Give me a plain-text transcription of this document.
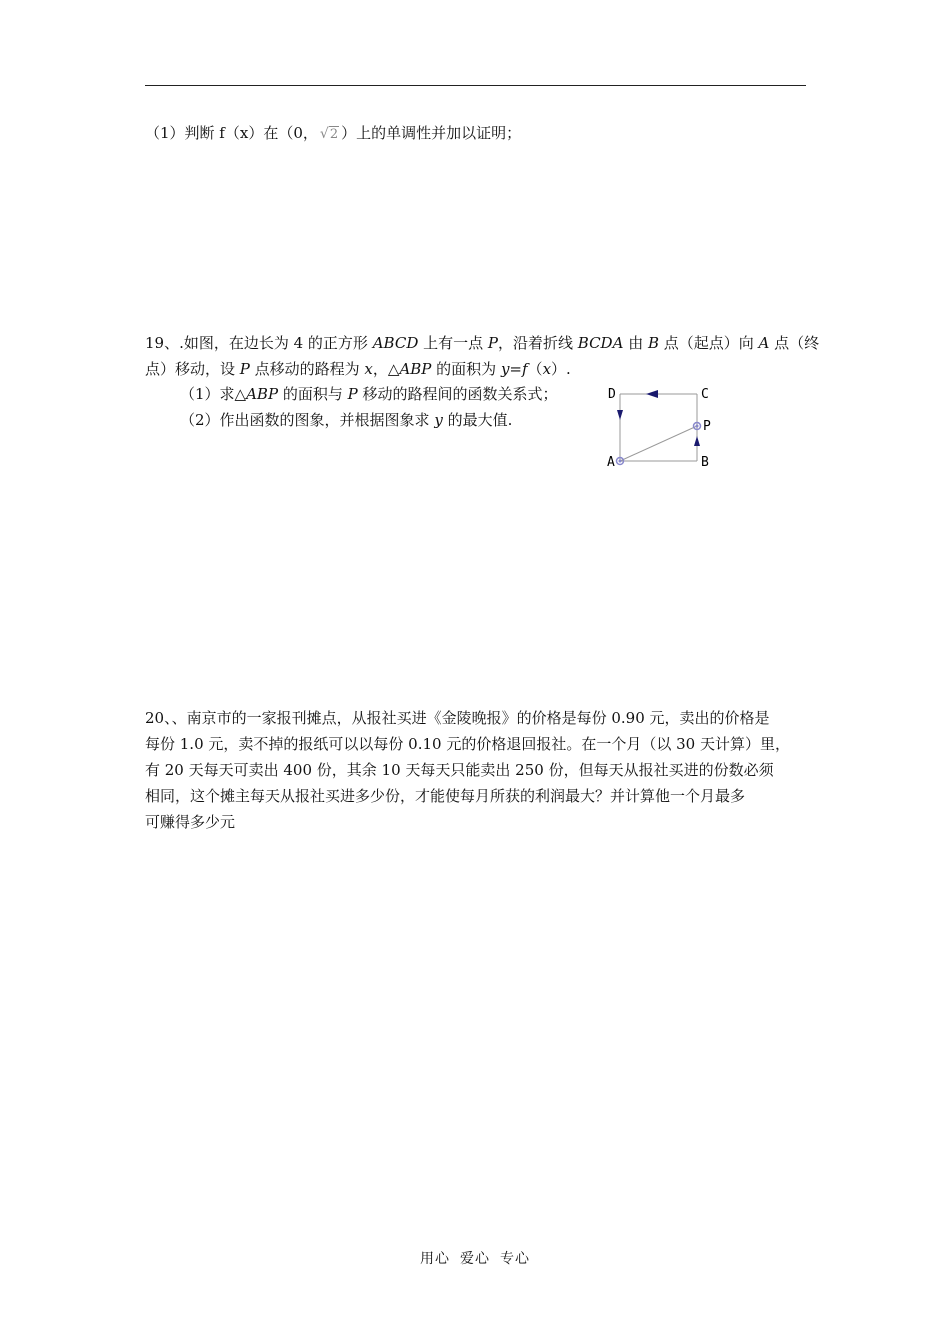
（1）判断 f（x）在（0， √ 2 ）上的单调性并加以证明；
19、.如图，在边长为 4 的正方形 ABCD 上有一点 P，沿着折线 BCDA 由 B 点（起点）向 A 点（终
点）移动，设 P 点移动的路程为 x，△ABP 的面积为 y=f（x）.
（1）求△ABP 的面积与 P 移动的路程间的函数关系式；
（2）作出函数的图象，并根据图象求 y 的最大值.
D	C
P
A	B
20、、南京市的一家报刊摊点，从报社买进《金陵晚报》的价格是每份 0.90 元，卖出的价格是
每份 1.0 元，卖不掉的报纸可以以每份 0.10 元的价格退回报社。在一个月（以 30 天计算）里，
有 20 天每天可卖出 400 份，其余 10 天每天只能卖出 250 份，但每天从报社买进的份数必须
相同，这个摊主每天从报社买进多少份，才能使每月所获的利润最大？并计算他一个月最多
可赚得多少元
用心 爱心 专心
